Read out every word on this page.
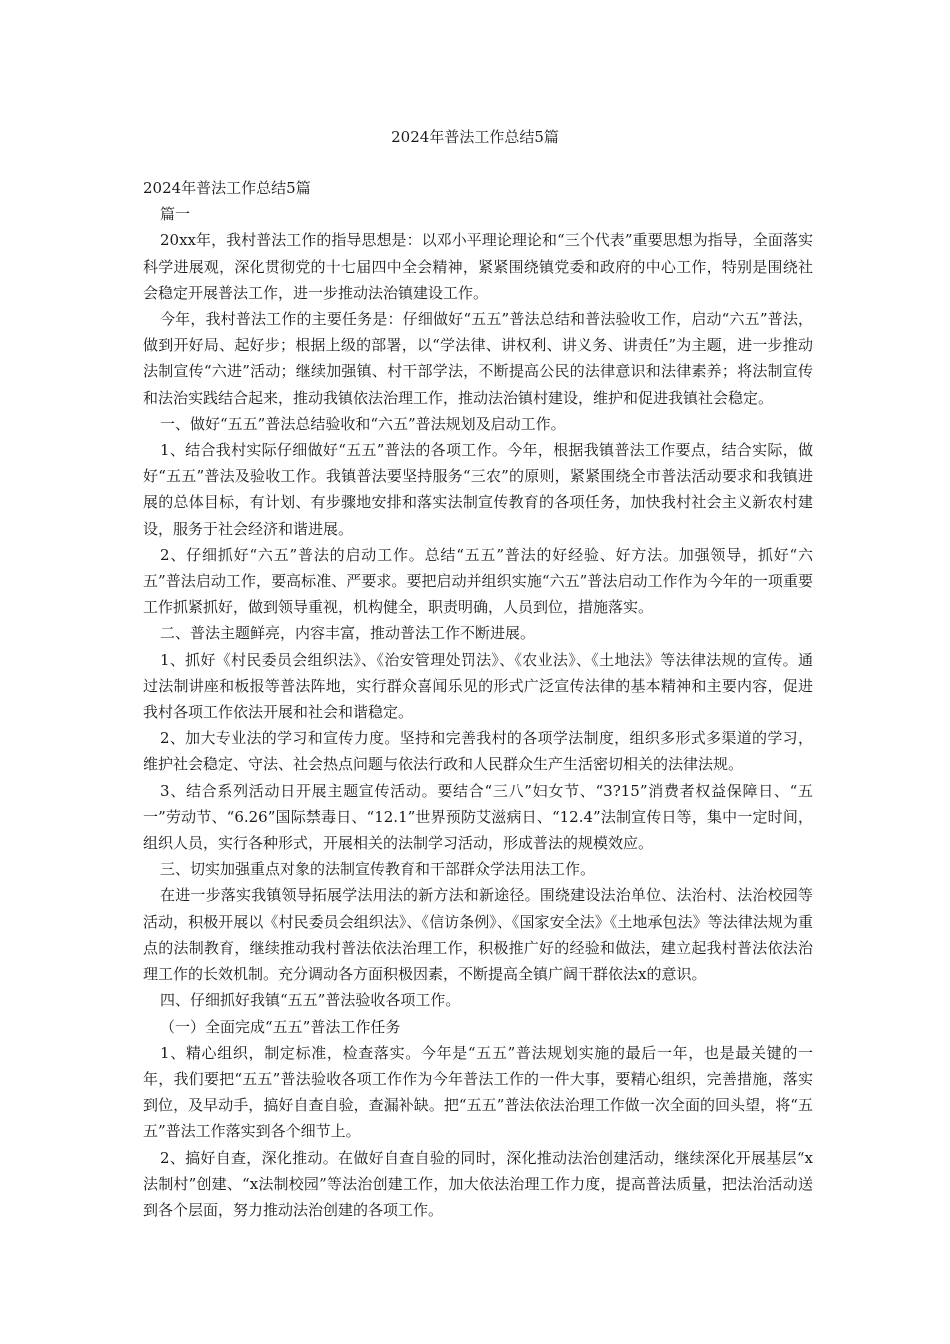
2024年普法工作总结5篇

2024年普法工作总结5篇

篇一

20xx年，我村普法工作的指导思想是：以邓小平理论理论和“三个代表”重要思想为指导，全面落实科学进展观，深化贯彻党的十七届四中全会精神，紧紧围绕镇党委和政府的中心工作，特别是围绕社会稳定开展普法工作，进一步推动法治镇建设工作。

今年，我村普法工作的主要任务是：仔细做好“五五”普法总结和普法验收工作，启动“六五”普法，做到开好局、起好步；根据上级的部署，以“学法律、讲权利、讲义务、讲责任”为主题，进一步推动法制宣传“六进”活动；继续加强镇、村干部学法，不断提高公民的法律意识和法律素养；将法制宣传和法治实践结合起来，推动我镇依法治理工作，推动法治镇村建设，维护和促进我镇社会稳定。

一、做好“五五”普法总结验收和“六五”普法规划及启动工作。

1、结合我村实际仔细做好“五五”普法的各项工作。今年，根据我镇普法工作要点，结合实际，做好“五五”普法及验收工作。我镇普法要坚持服务“三农”的原则，紧紧围绕全市普法活动要求和我镇进展的总体目标，有计划、有步骤地安排和落实法制宣传教育的各项任务，加快我村社会主义新农村建设，服务于社会经济和谐进展。

2、仔细抓好“六五”普法的启动工作。总结“五五”普法的好经验、好方法。加强领导，抓好“六五”普法启动工作，要高标准、严要求。要把启动并组织实施“六五”普法启动工作作为今年的一项重要工作抓紧抓好，做到领导重视，机构健全，职责明确，人员到位，措施落实。

二、普法主题鲜亮，内容丰富，推动普法工作不断进展。

1、抓好《村民委员会组织法》、《治安管理处罚法》、《农业法》、《土地法》等法律法规的宣传。通过法制讲座和板报等普法阵地，实行群众喜闻乐见的形式广泛宣传法律的基本精神和主要内容，促进我村各项工作依法开展和社会和谐稳定。

2、加大专业法的学习和宣传力度。坚持和完善我村的各项学法制度，组织多形式多渠道的学习，维护社会稳定、守法、社会热点问题与依法行政和人民群众生产生活密切相关的法律法规。

3、结合系列活动日开展主题宣传活动。要结合“三八”妇女节、“3?15”消费者权益保障日、“五一”劳动节、“6.26”国际禁毒日、“12.1”世界预防艾滋病日、“12.4”法制宣传日等，集中一定时间，组织人员，实行各种形式，开展相关的法制学习活动，形成普法的规模效应。

三、切实加强重点对象的法制宣传教育和干部群众学法用法工作。

在进一步落实我镇领导拓展学法用法的新方法和新途径。围绕建设法治单位、法治村、法治校园等活动，积极开展以《村民委员会组织法》、《信访条例》、《国家安全法》《土地承包法》等法律法规为重点的法制教育，继续推动我村普法依法治理工作，积极推广好的经验和做法，建立起我村普法依法治理工作的长效机制。充分调动各方面积极因素，不断提高全镇广阔干群依法x的意识。

四、仔细抓好我镇“五五”普法验收各项工作。

（一）全面完成“五五”普法工作任务

1、精心组织，制定标准，检查落实。今年是“五五”普法规划实施的最后一年，也是最关键的一年，我们要把“五五”普法验收各项工作作为今年普法工作的一件大事，要精心组织，完善措施，落实到位，及早动手，搞好自查自验，查漏补缺。把“五五”普法依法治理工作做一次全面的回头望，将“五五”普法工作落实到各个细节上。

2、搞好自查，深化推动。在做好自查自验的同时，深化推动法治创建活动，继续深化开展基层“x法制村”创建、“x法制校园”等法治创建工作，加大依法治理工作力度，提高普法质量，把法治活动送到各个层面，努力推动法治创建的各项工作。
